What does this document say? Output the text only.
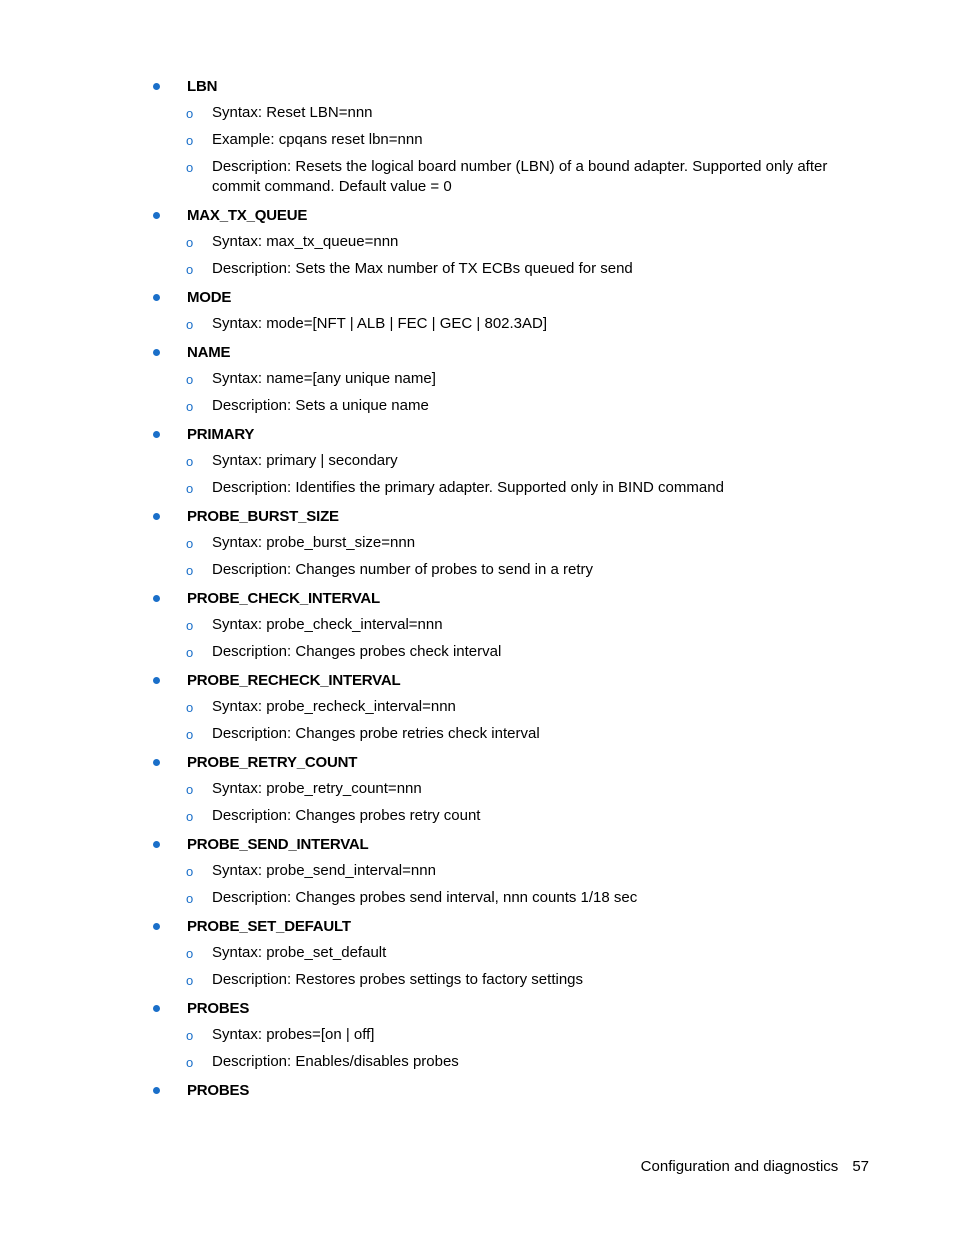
LBN
o Syntax: Reset LBN=nnn
o Example: cpqans reset lbn=nnn
o Description: Resets the logical board number (LBN) of a bound adapter. Supported only after commit command. Default value = 0
MAX_TX_QUEUE
o Syntax: max_tx_queue=nnn
o Description: Sets the Max number of TX ECBs queued for send
MODE
o Syntax: mode=[NFT | ALB | FEC | GEC | 802.3AD]
NAME
o Syntax: name=[any unique name]
o Description: Sets a unique name
PRIMARY
o Syntax: primary | secondary
o Description: Identifies the primary adapter. Supported only in BIND command
PROBE_BURST_SIZE
o Syntax: probe_burst_size=nnn
o Description: Changes number of probes to send in a retry
PROBE_CHECK_INTERVAL
o Syntax: probe_check_interval=nnn
o Description: Changes probes check interval
PROBE_RECHECK_INTERVAL
o Syntax: probe_recheck_interval=nnn
o Description: Changes probe retries check interval
PROBE_RETRY_COUNT
o Syntax: probe_retry_count=nnn
o Description: Changes probes retry count
PROBE_SEND_INTERVAL
o Syntax: probe_send_interval=nnn
o Description: Changes probes send interval, nnn counts 1/18 sec
PROBE_SET_DEFAULT
o Syntax: probe_set_default
o Description: Restores probes settings to factory settings
PROBES
o Syntax: probes=[on | off]
o Description: Enables/disables probes
PROBES
Configuration and diagnostics 57
